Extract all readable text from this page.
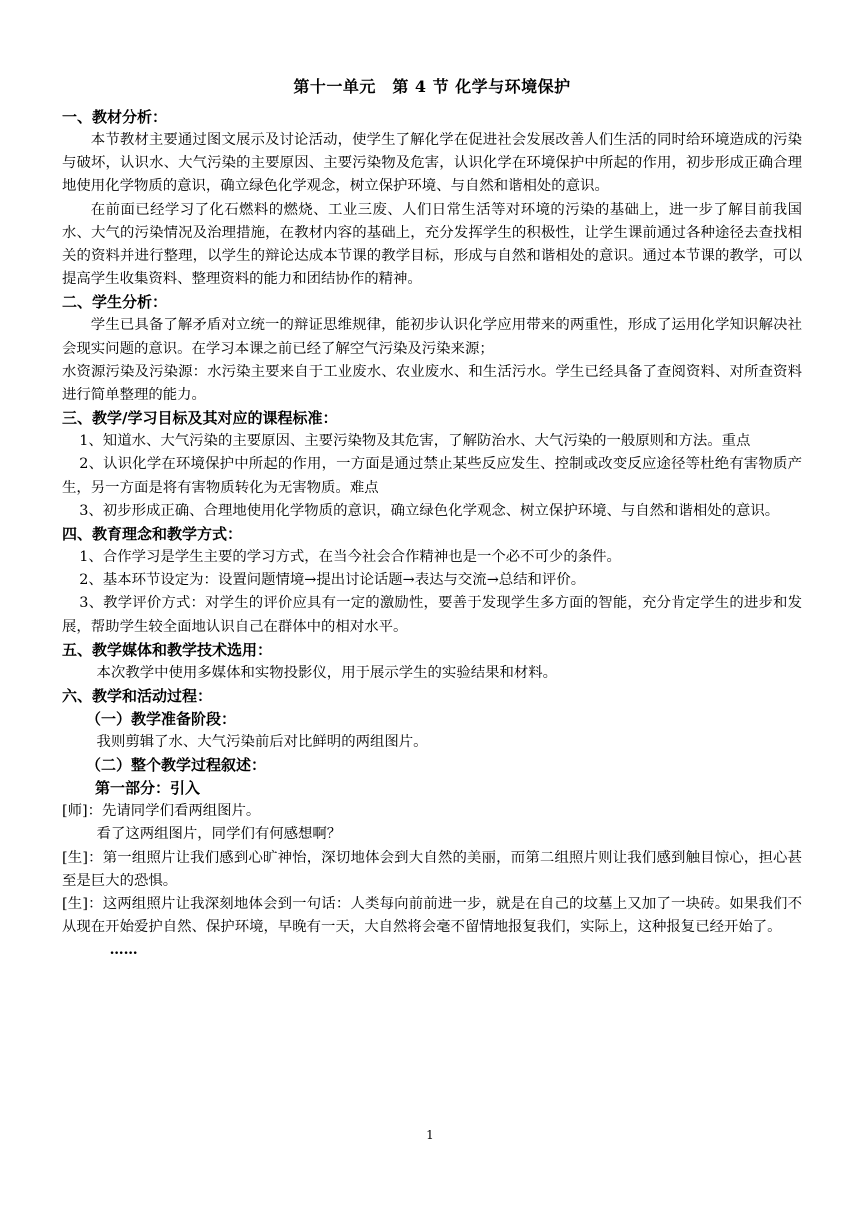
第十一单元　第 4 节 化学与环境保护

一、教材分析：

本节教材主要通过图文展示及讨论活动，使学生了解化学在促进社会发展改善人们生活的同时给环境造成的污染与破坏，认识水、大气污染的主要原因、主要污染物及危害，认识化学在环境保护中所起的作用，初步形成正确合理地使用化学物质的意识，确立绿色化学观念，树立保护环境、与自然和谐相处的意识。

在前面已经学习了化石燃料的燃烧、工业三废、人们日常生活等对环境的污染的基础上，进一步了解目前我国水、大气的污染情况及治理措施，在教材内容的基础上，充分发挥学生的积极性，让学生课前通过各种途径去查找相关的资料并进行整理，以学生的辩论达成本节课的教学目标，形成与自然和谐相处的意识。通过本节课的教学，可以提高学生收集资料、整理资料的能力和团结协作的精神。

二、学生分析：

学生已具备了解矛盾对立统一的辩证思维规律，能初步认识化学应用带来的两重性，形成了运用化学知识解决社会现实问题的意识。在学习本课之前已经了解空气污染及污染来源；

水资源污染及污染源：水污染主要来自于工业废水、农业废水、和生活污水。学生已经具备了查阅资料、对所查资料进行简单整理的能力。

三、教学/学习目标及其对应的课程标准：

1、知道水、大气污染的主要原因、主要污染物及其危害，了解防治水、大气污染的一般原则和方法。重点

2、认识化学在环境保护中所起的作用，一方面是通过禁止某些反应发生、控制或改变反应途径等杜绝有害物质产生，另一方面是将有害物质转化为无害物质。难点

3、初步形成正确、合理地使用化学物质的意识，确立绿色化学观念、树立保护环境、与自然和谐相处的意识。

四、教育理念和教学方式：

1、合作学习是学生主要的学习方式，在当今社会合作精神也是一个必不可少的条件。

2、基本环节设定为：设置问题情境→提出讨论话题→表达与交流→总结和评价。

3、教学评价方式：对学生的评价应具有一定的激励性，要善于发现学生多方面的智能，充分肯定学生的进步和发展，帮助学生较全面地认识自己在群体中的相对水平。

五、教学媒体和教学技术选用：

本次教学中使用多媒体和实物投影仪，用于展示学生的实验结果和材料。

六、教学和活动过程：

（一）教学准备阶段：

我则剪辑了水、大气污染前后对比鲜明的两组图片。

（二）整个教学过程叙述：

第一部分：引入

[师]：先请同学们看两组图片。

看了这两组图片，同学们有何感想啊？

[生]：第一组照片让我们感到心旷神怡，深切地体会到大自然的美丽，而第二组照片则让我们感到触目惊心，担心甚至是巨大的恐惧。

[生]：这两组照片让我深刻地体会到一句话：人类每向前前进一步，就是在自己的坟墓上又加了一块砖。如果我们不从现在开始爱护自然、保护环境，早晚有一天，大自然将会毫不留情地报复我们，实际上，这种报复已经开始了。

……

1
